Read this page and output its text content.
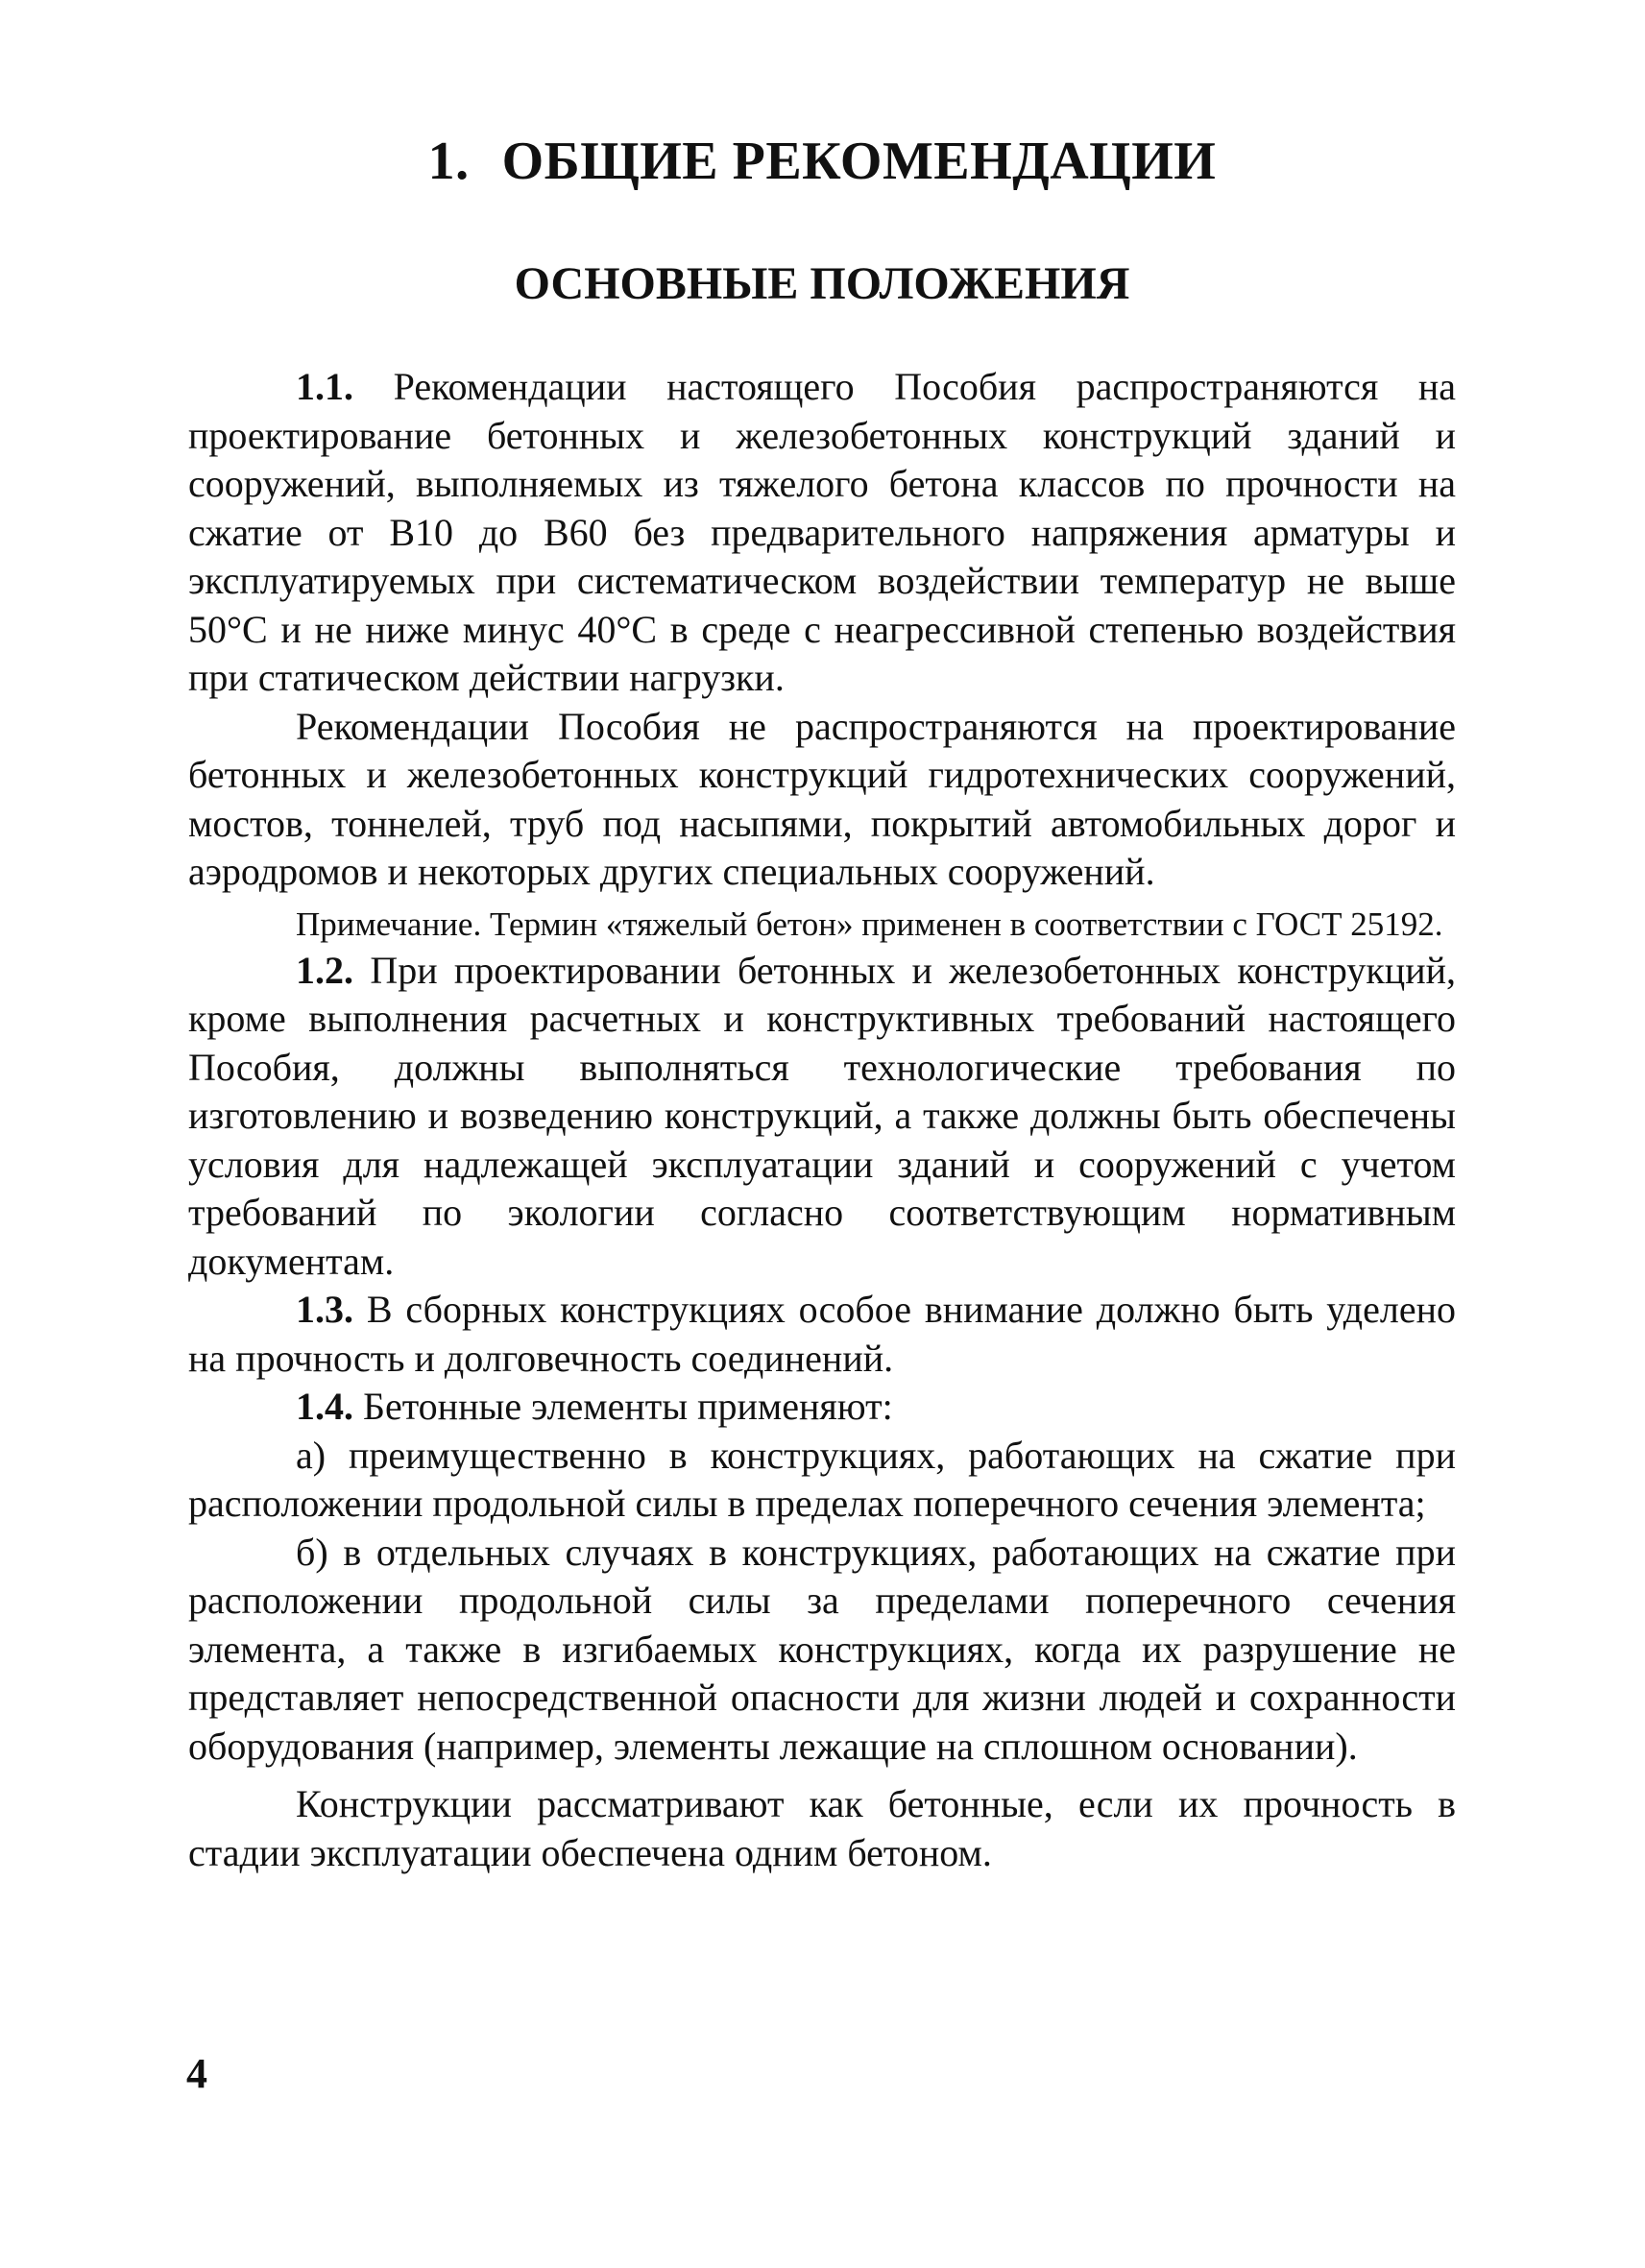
1. ОБЩИЕ РЕКОМЕНДАЦИИ
ОСНОВНЫЕ ПОЛОЖЕНИЯ

1.1. Рекомендации настоящего Пособия распространяются на проектирование бетонных и железобетонных конструкций зданий и сооружений, выполняемых из тяжелого бетона классов по прочности на сжатие от В10 до В60 без предварительного напряжения арматуры и эксплуатируемых при систематическом воздействии температур не выше 50°С и не ниже минус 40°С в среде с неагрессивной степенью воздействия при статическом действии нагрузки.

Рекомендации Пособия не распространяются на проектирование бетонных и железобетонных конструкций гидротехнических сооружений, мостов, тоннелей, труб под насыпями, покрытий автомобильных дорог и аэродромов и некоторых других специальных сооружений.

Примечание. Термин «тяжелый бетон» применен в соответствии с ГОСТ 25192.

1.2. При проектировании бетонных и железобетонных конструкций, кроме выполнения расчетных и конструктивных требований настоящего Пособия, должны выполняться технологические требования по изготовлению и возведению конструкций, а также должны быть обеспечены условия для надлежащей эксплуатации зданий и сооружений с учетом требований по экологии согласно соответствующим нормативным документам.

1.3. В сборных конструкциях особое внимание должно быть уделено на прочность и долговечность соединений.

1.4. Бетонные элементы применяют:

а) преимущественно в конструкциях, работающих на сжатие при расположении продольной силы в пределах поперечного сечения элемента;

б) в отдельных случаях в конструкциях, работающих на сжатие при расположении продольной силы за пределами поперечного сечения элемента, а также в изгибаемых конструкциях, когда их разрушение не представляет непосредственной опасности для жизни людей и сохранности оборудования (например, элементы лежащие на сплошном основании).

Конструкции рассматривают как бетонные, если их прочность в стадии эксплуатации обеспечена одним бетоном.

4
